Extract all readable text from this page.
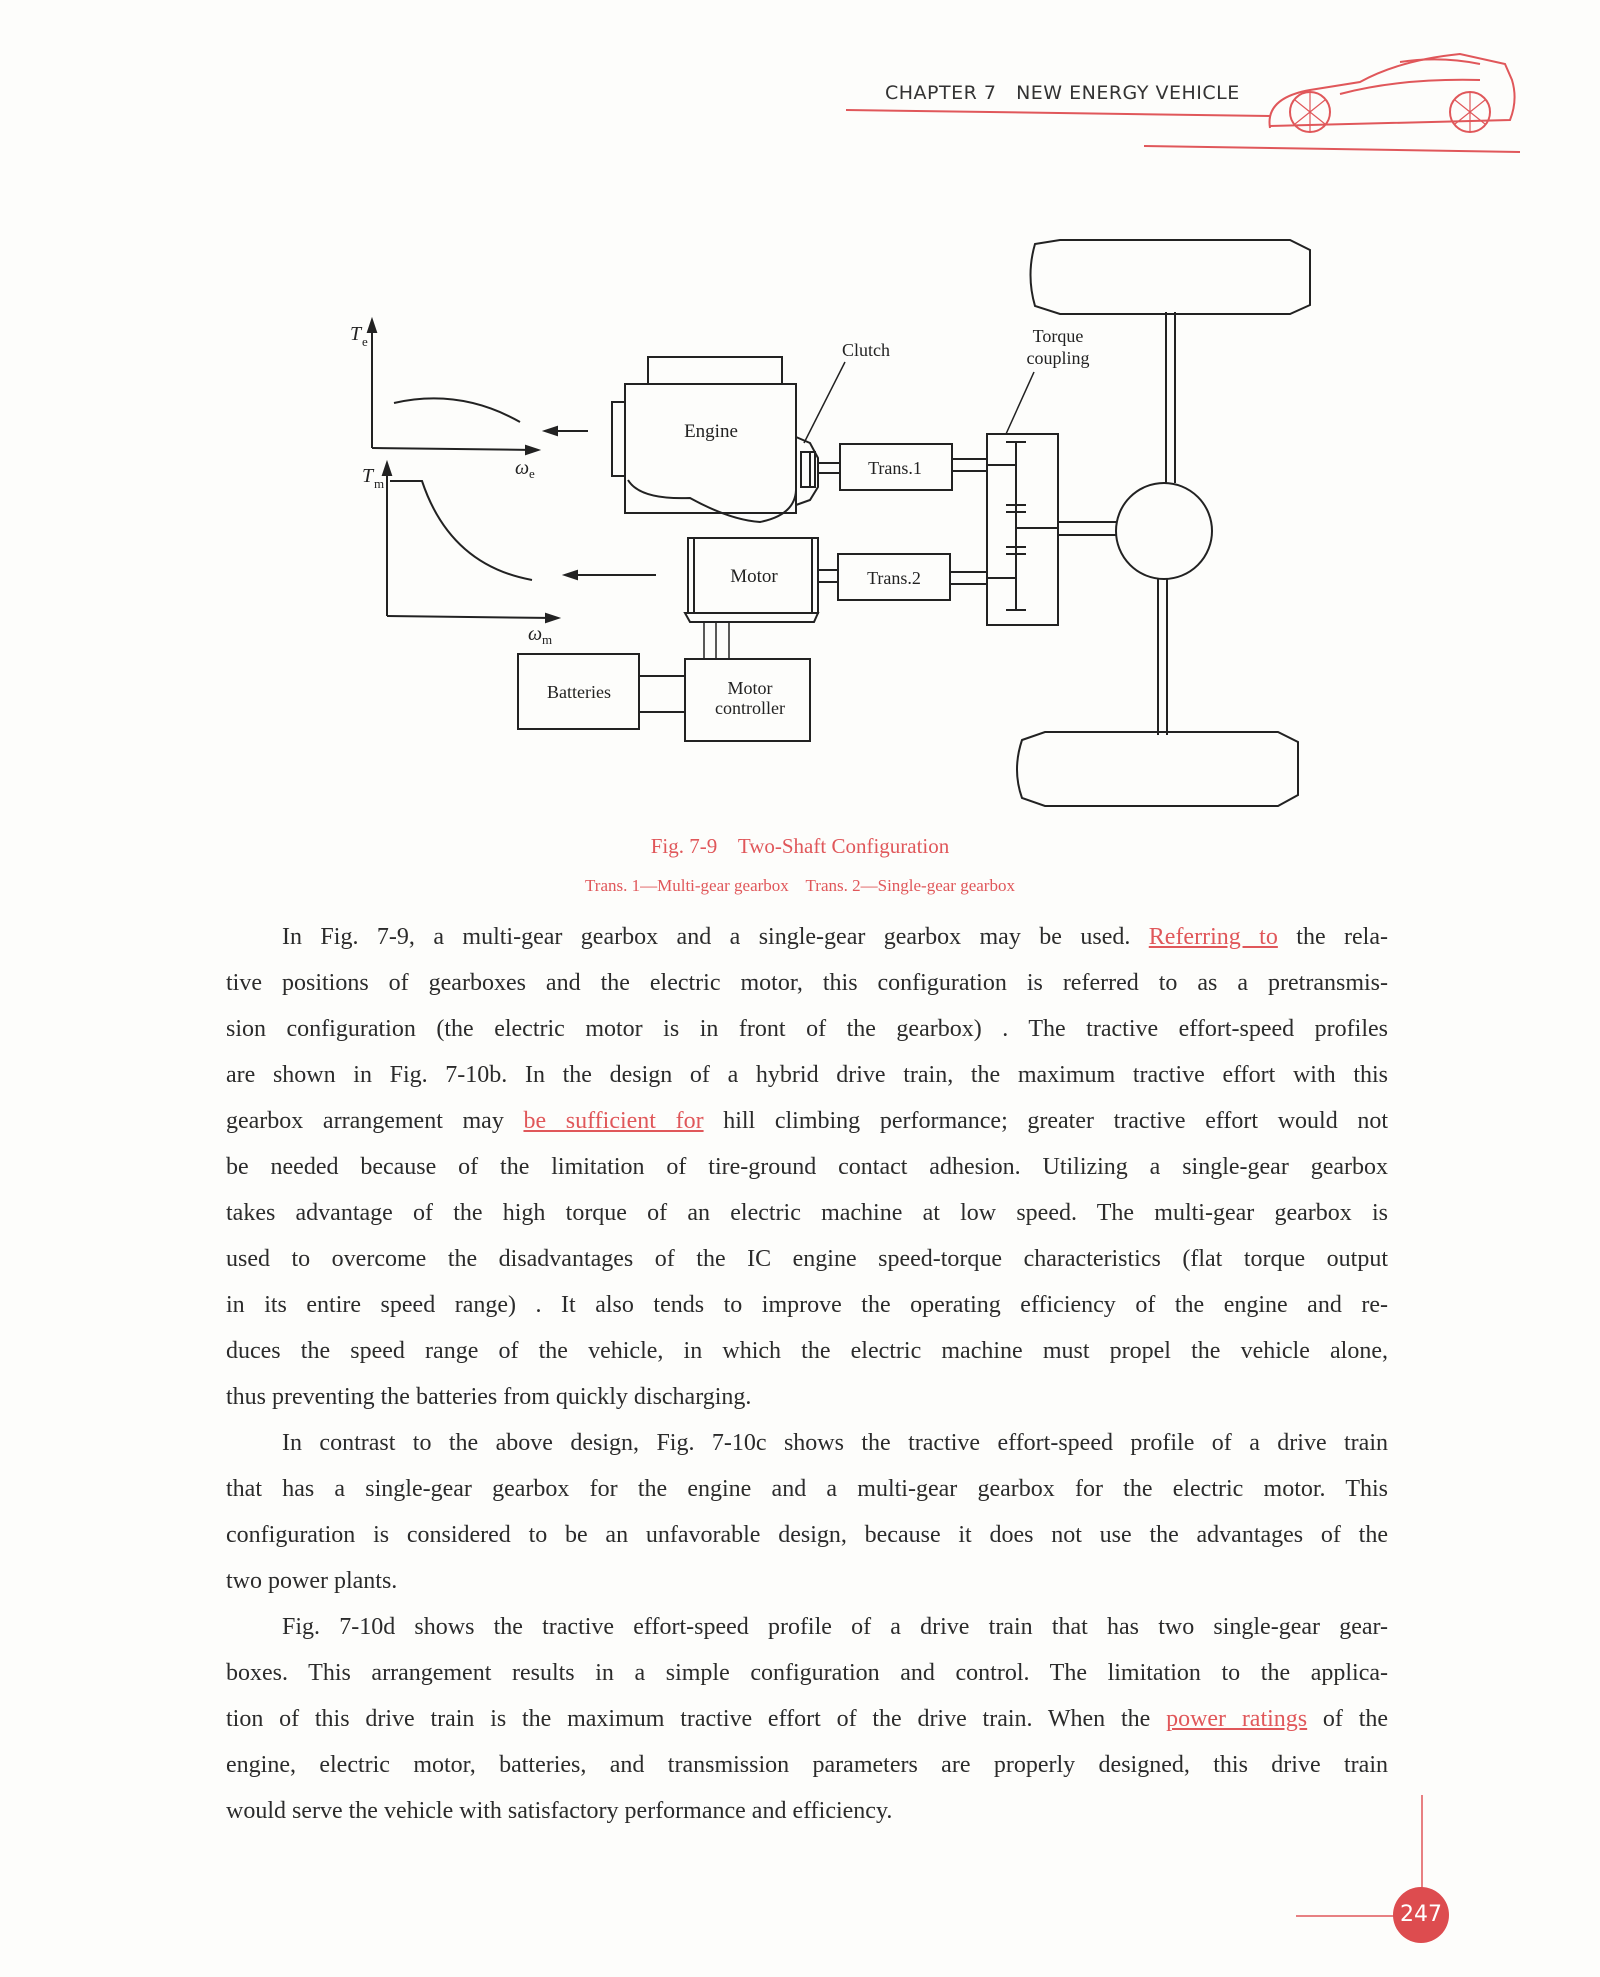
CHAPTER 7   NEW ENERGY VEHICLE
T e
ω e
T m
ω m
Engine
Clutch
Trans.1
Torque
coupling
Motor	Trans.2
Motor
controller
Batteries
Fig. 7-9    Two-Shaft Configuration
Trans. 1—Multi-gear gearbox    Trans. 2—Single-gear gearbox
In Fig. 7-9, a multi-gear gearbox and a single-gear gearbox may be used. Referring to the rela-
tive positions of gearboxes and the electric motor, this configuration is referred to as a pretransmis-
sion configuration (the electric motor is in front of the gearbox) . The tractive effort-speed profiles
are shown in Fig. 7-10b. In the design of a hybrid drive train, the maximum tractive effort with this
gearbox arrangement may be sufficient for hill climbing performance; greater tractive effort would not
be needed because of the limitation of tire-ground contact adhesion. Utilizing a single-gear gearbox
takes advantage of the high torque of an electric machine at low speed. The multi-gear gearbox is
used to overcome the disadvantages of the IC engine speed-torque characteristics (flat torque output
in its entire speed range) . It also tends to improve the operating efficiency of the engine and re-
duces the speed range of the vehicle, in which the electric machine must propel the vehicle alone,
thus preventing the batteries from quickly discharging.
In contrast to the above design, Fig. 7-10c shows the tractive effort-speed profile of a drive train
that has a single-gear gearbox for the engine and a multi-gear gearbox for the electric motor. This
configuration is considered to be an unfavorable design, because it does not use the advantages of the
two power plants.
Fig. 7-10d shows the tractive effort-speed profile of a drive train that has two single-gear gear-
boxes. This arrangement results in a simple configuration and control. The limitation to the applica-
tion of this drive train is the maximum tractive effort of the drive train. When the power ratings of the
engine, electric motor, batteries, and transmission parameters are properly designed, this drive train
would serve the vehicle with satisfactory performance and efficiency.
247
